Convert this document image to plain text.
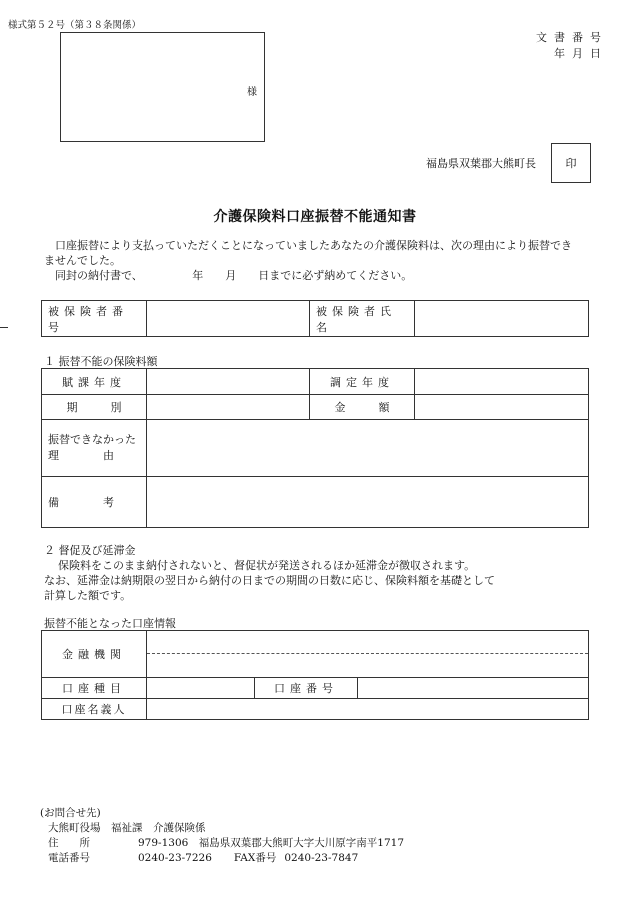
様式第５２号（第３８条関係）
様
文書番号
年月日
福島県双葉郡大熊町長	印
介護保険料口座振替不能通知書

口座振替により支払っていただくことになっていましたあなたの介護保険料は、次の理由により振替でき

ませんでした。

同封の納付書で、　　　　　年　　月　　日までに必ず納めてください。

被保険者番号		被保険者氏名	
１ 振替不能の保険料額
賦課年度		調定年度	
期　　　別		金　　　額	

振替できなかった
理　　　　由			

備　　　　考			
２ 督促及び延滞金
保険料をこのまま納付されないと、督促状が発送されるほか延滞金が徴収されます。
なお、延滞金は納期限の翌日から納付の日までの期間の日数に応じ、保険料額を基礎として
計算した額です。
振替不能となった口座情報
金融機関			

口座種目		口座番号	
口座名義人			
(お問合せ先)
大熊町役場　福祉課　介護保険係
住　　所	979-1306　福島県双葉郡大熊町大字大川原字南平1717
電話番号	0240-23-7226 FAX番号 0240-23-7847
